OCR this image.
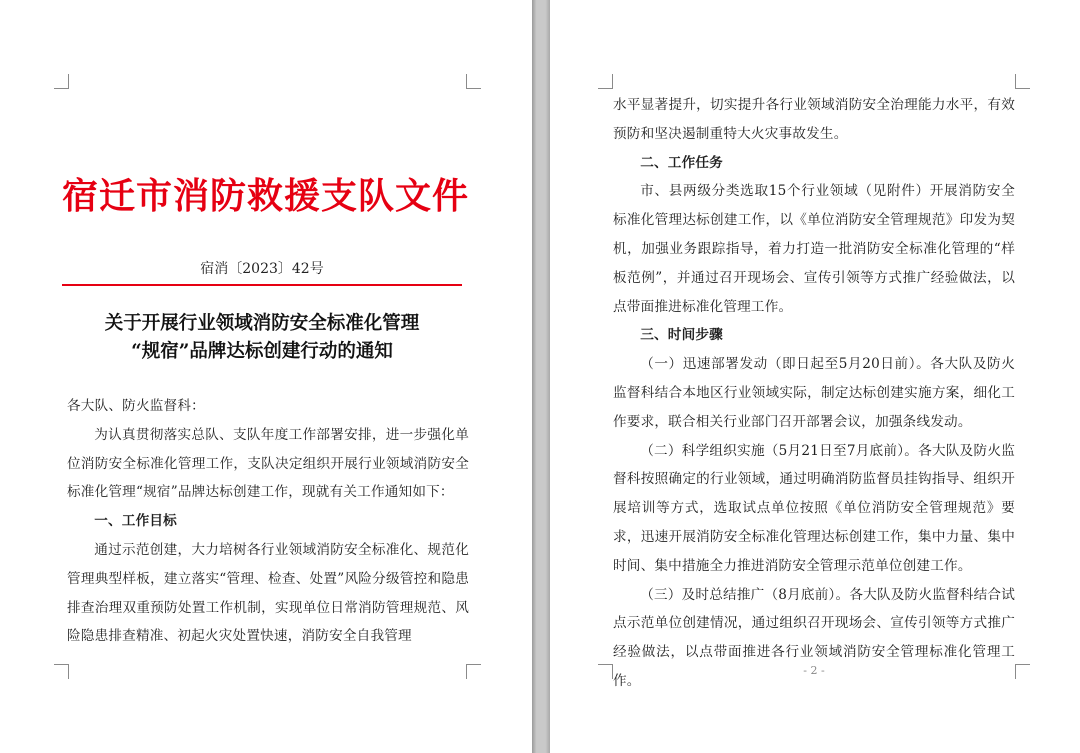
宿迁市消防救援支队文件
宿消〔2023〕42号
关于开展行业领域消防安全标准化管理
“规宿”品牌达标创建行动的通知

各大队、防火监督科：

为认真贯彻落实总队、支队年度工作部署安排，进一步强化单位消防安全标准化管理工作，支队决定组织开展行业领域消防安全标准化管理“规宿”品牌达标创建工作，现就有关工作通知如下：

一、工作目标

通过示范创建，大力培树各行业领域消防安全标准化、规范化管理典型样板，建立落实“管理、检查、处置”风险分级管控和隐患排查治理双重预防处置工作机制，实现单位日常消防管理规范、风险隐患排查精准、初起火灾处置快速，消防安全自我管理

水平显著提升，切实提升各行业领域消防安全治理能力水平，有效预防和坚决遏制重特大火灾事故发生。

二、工作任务

市、县两级分类选取15个行业领域（见附件）开展消防安全标准化管理达标创建工作，以《单位消防安全管理规范》印发为契机，加强业务跟踪指导，着力打造一批消防安全标准化管理的“样板范例”，并通过召开现场会、宣传引领等方式推广经验做法，以点带面推进标准化管理工作。

三、时间步骤

（一）迅速部署发动（即日起至5月20日前）。各大队及防火监督科结合本地区行业领域实际，制定达标创建实施方案，细化工作要求，联合相关行业部门召开部署会议，加强条线发动。

（二）科学组织实施（5月21日至7月底前）。各大队及防火监督科按照确定的行业领域，通过明确消防监督员挂钩指导、组织开展培训等方式，选取试点单位按照《单位消防安全管理规范》要求，迅速开展消防安全标准化管理达标创建工作，集中力量、集中时间、集中措施全力推进消防安全管理示范单位创建工作。

（三）及时总结推广（8月底前）。各大队及防火监督科结合试点示范单位创建情况，通过组织召开现场会、宣传引领等方式推广经验做法，以点带面推进各行业领域消防安全管理标准化管理工作。

- 2 -
